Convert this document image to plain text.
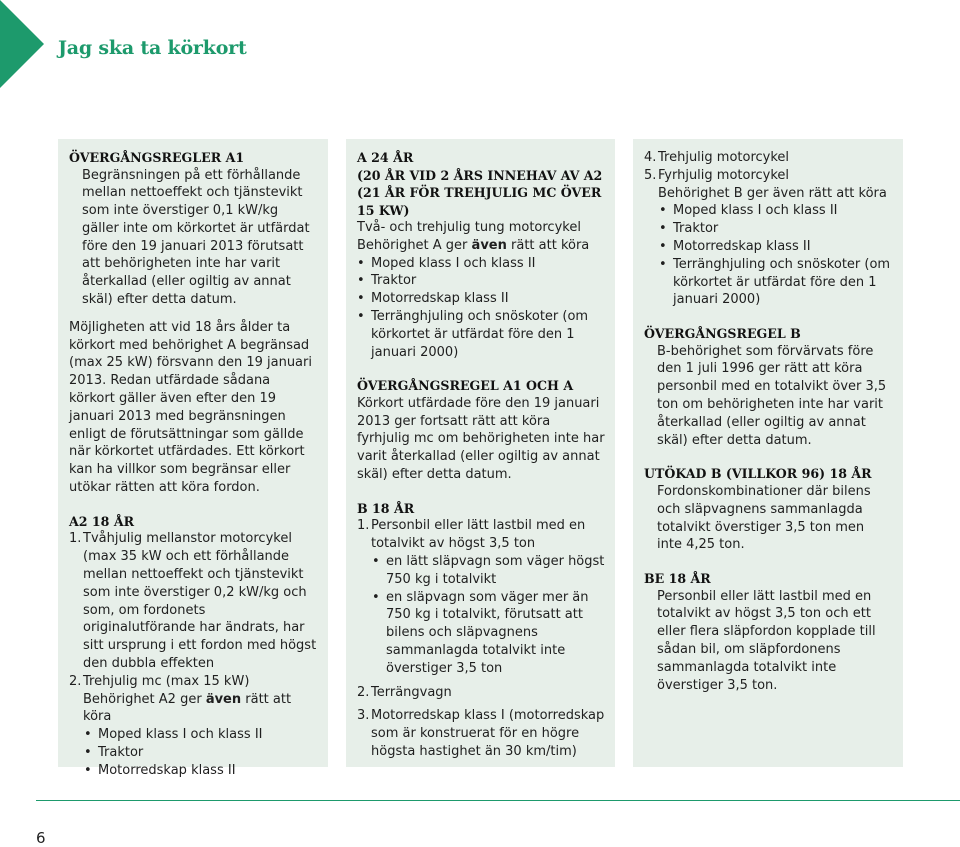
Jag ska ta körkort
ÖVERGÅNGSREGLER A1

Begränsningen på ett förhållande mellan nettoeffekt och tjänstevikt som inte överstiger 0,1 kW/kg gäller inte om körkortet är utfärdat före den 19 januari 2013 förutsatt att behörigheten inte har varit återkallad (eller ogiltig av annat skäl) efter detta datum.

Möjligheten att vid 18 års ålder ta körkort med behörighet A begränsad (max 25 kW) försvann den 19 januari 2013. Redan utfärdade sådana körkort gäller även efter den 19 januari 2013 med begränsningen enligt de förutsättningar som gällde när körkortet utfärdades. Ett körkort kan ha villkor som begränsar eller utökar rätten att köra fordon.

A2 18 ÅR
1. Tvåhjulig mellanstor motorcykel (max 35 kW och ett förhållande mellan nettoeffekt och tjänstevikt som inte överstiger 0,2 kW/kg och som, om fordonets originalutförande har ändrats, har sitt ursprung i ett fordon med högst den dubbla effekten
2. Trehjulig mc (max 15 kW)
Behörighet A2 ger även rätt att köra
• Moped klass I och klass II
• Traktor
• Motorredskap klass II
A 24 ÅR
(20 ÅR VID 2 ÅRS INNEHAV AV A2 (21 ÅR FÖR TREHJULIG MC ÖVER 15 KW)

Två- och trehjulig tung motorcykel

Behörighet A ger även rätt att köra

• Moped klass I och klass II
• Traktor
• Motorredskap klass II
• Terränghjuling och snöskoter (om körkortet är utfärdat före den 1 januari 2000)
ÖVERGÅNGSREGEL A1 OCH A

Körkort utfärdade före den 19 januari 2013 ger fortsatt rätt att köra fyrhjulig mc om behörigheten inte har varit återkallad (eller ogiltig av annat skäl) efter detta datum.

B 18 ÅR
1. Personbil eller lätt lastbil med en totalvikt av högst 3,5 ton
• en lätt släpvagn som väger högst 750 kg i totalvikt
• en släpvagn som väger mer än 750 kg i totalvikt, förutsatt att bilens och släpvagnens sammanlagda totalvikt inte överstiger 3,5 ton
2. Terrängvagn
3. Motorredskap klass I (motorredskap som är konstruerat för en högre högsta hastighet än 30 km/tim)
4. Trehjulig motorcykel
5. Fyrhjulig motorcykel
Behörighet B ger även rätt att köra
• Moped klass I och klass II
• Traktor
• Motorredskap klass II
• Terränghjuling och snöskoter (om körkortet är utfärdat före den 1 januari 2000)
ÖVERGÅNGSREGEL B

B-behörighet som förvärvats före den 1 juli 1996 ger rätt att köra personbil med en totalvikt över 3,5 ton om behörigheten inte har varit återkallad (eller ogiltig av annat skäl) efter detta datum.

UTÖKAD B (VILLKOR 96) 18 ÅR

Fordonskombinationer där bilens och släpvagnens sammanlagda totalvikt överstiger 3,5 ton men inte 4,25 ton.

BE 18 ÅR

Personbil eller lätt lastbil med en totalvikt av högst 3,5 ton och ett eller flera släpfordon kopplade till sådan bil, om släpfordonens sammanlagda totalvikt inte överstiger 3,5 ton.

6
